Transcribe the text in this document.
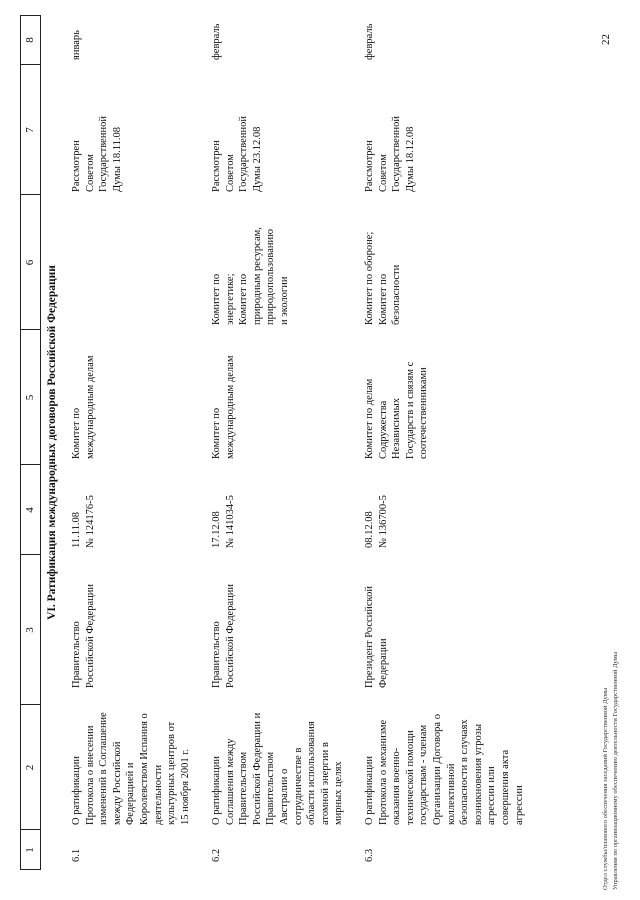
1
2
3
4
5
6
7
8
VI. Ратификация международных договоров Российской Федерации
6.1
О ратификации
Протокола о внесении
изменений в Соглашение
между Российской
Федерацией и
Королевством Испания о
деятельности
культурных центров от
15 ноября 2001 г.
Правительство
Российской Федерации
11.11.08
№ 124176-5
Комитет по
международным делам
Рассмотрен
Советом
Государственной
Думы 18.11.08
январь
6.2
О ратификации
Соглашения между
Правительством
Российской Федерации и
Правительством
Австралии о
сотрудничестве в
области использования
атомной энергии в
мирных целях
Правительство
Российской Федерации
17.12.08
№ 141034-5
Комитет по
международным делам
Комитет по
энергетике;
Комитет по
природным ресурсам,
природопользованию
и экологии
Рассмотрен
Советом
Государственной
Думы 23.12.08
февраль
6.3
О ратификации
Протокола о механизме
оказания военно-
технической помощи
государствам - членам
Организации Договора о
коллективной
безопасности в случаях
возникновения угрозы
агрессии или
совершения акта
агрессии
Президент Российской
Федерации
08.12.08
№ 136700-5
Комитет по делам
Содружества
Независимых
Государств и связям с
соотечественниками
Комитет по обороне;
Комитет по
безопасности
Рассмотрен
Советом
Государственной
Думы 18.12.08
февраль
Отдел службы/планового обеспечения заседаний Государственной Думы Управления по организационному обеспечению деятельности Государственной Думы
22
